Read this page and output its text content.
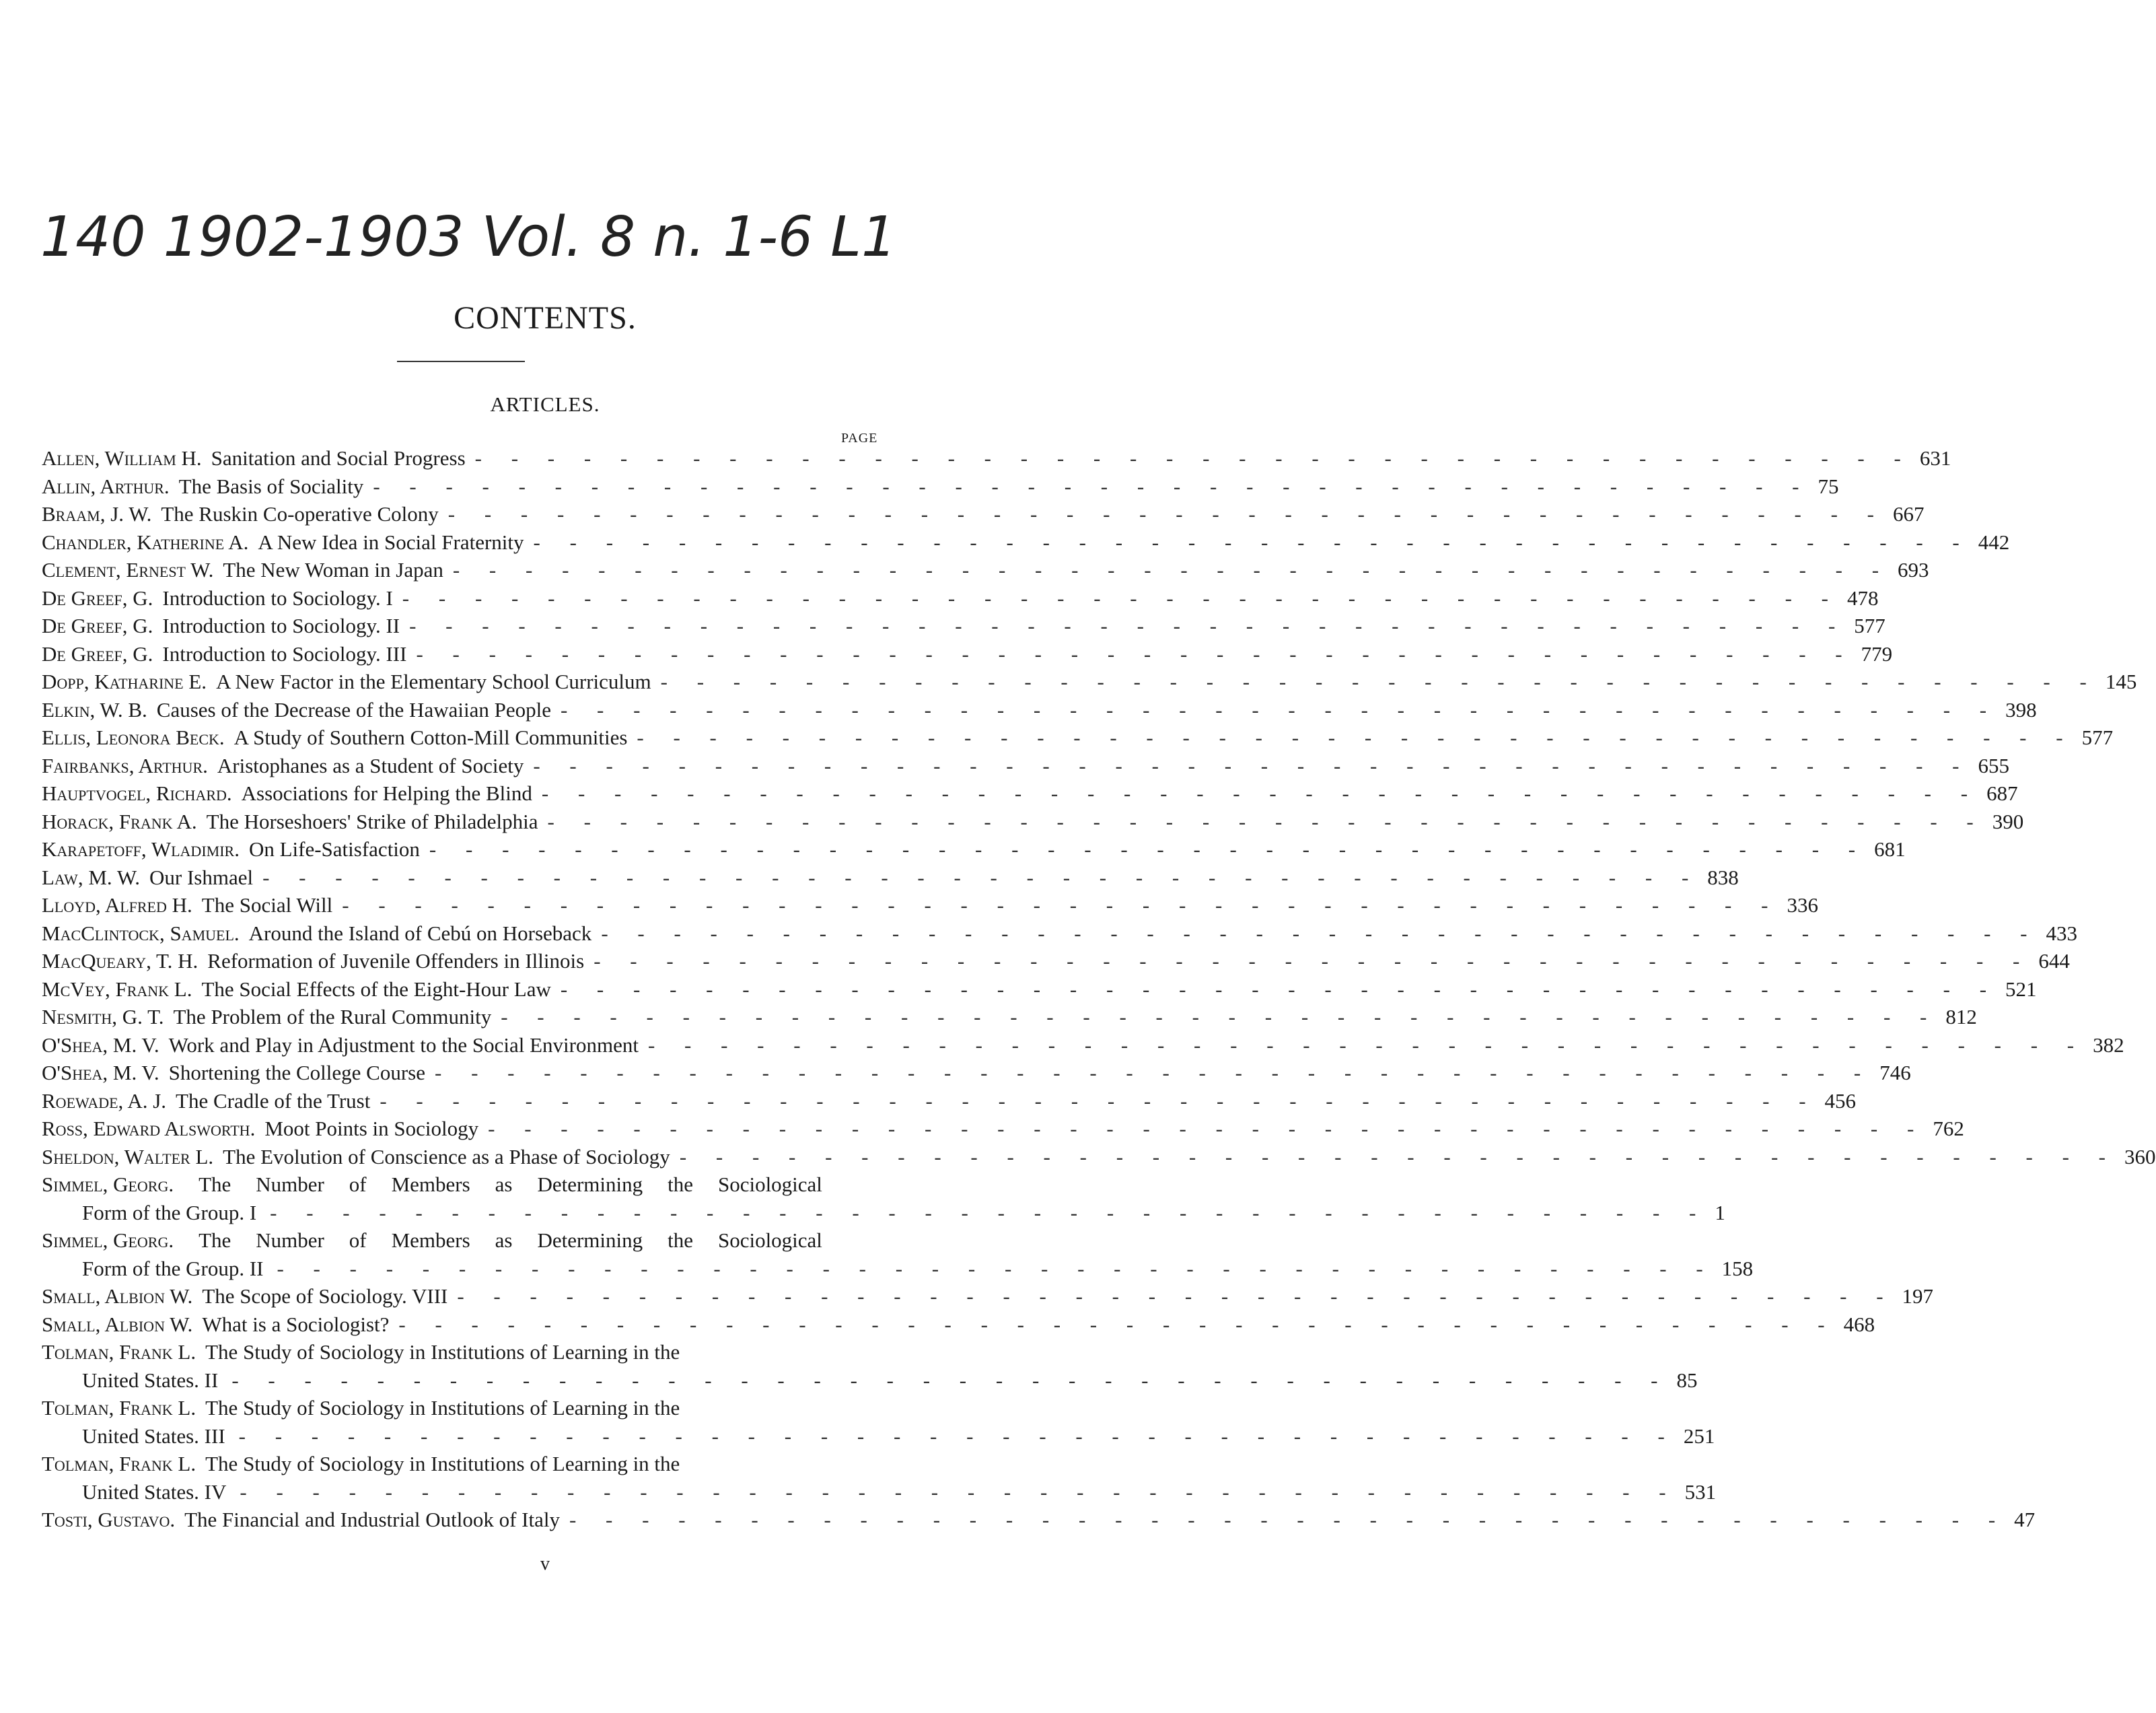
140 1902-1903 Vol. 8 n. 1-6 L1
CONTENTS.
ARTICLES.
PAGE
Allen, William H. Sanitation and Social Progress - - - - - - - - - - - - - - - - - - - - - - - - - - - - - - - - - - - - - - - - 631
Allin, Arthur. The Basis of Sociality - - - - - - - - - - - - - - - - - - - - - - - - - - - - - - - - - - - - - - - - 75
Braam, J. W. The Ruskin Co-operative Colony - - - - - - - - - - - - - - - - - - - - - - - - - - - - - - - - - - - - - - - - 667
Chandler, Katherine A. A New Idea in Social Fraternity - - - - - - - - - - - - - - - - - - - - - - - - - - - - - - - - - - - - - - - - 442
Clement, Ernest W. The New Woman in Japan - - - - - - - - - - - - - - - - - - - - - - - - - - - - - - - - - - - - - - - - 693
De Greef, G. Introduction to Sociology. I - - - - - - - - - - - - - - - - - - - - - - - - - - - - - - - - - - - - - - - - 478
De Greef, G. Introduction to Sociology. II - - - - - - - - - - - - - - - - - - - - - - - - - - - - - - - - - - - - - - - - 577
De Greef, G. Introduction to Sociology. III - - - - - - - - - - - - - - - - - - - - - - - - - - - - - - - - - - - - - - - - 779
Dopp, Katharine E. A New Factor in the Elementary School Curriculum - - - - - - - - - - - - - - - - - - - - - - - - - - - - - - - - - - - - - - - - 145
Elkin, W. B. Causes of the Decrease of the Hawaiian People - - - - - - - - - - - - - - - - - - - - - - - - - - - - - - - - - - - - - - - - 398
Ellis, Leonora Beck. A Study of Southern Cotton-Mill Communities - - - - - - - - - - - - - - - - - - - - - - - - - - - - - - - - - - - - - - - - 577
Fairbanks, Arthur. Aristophanes as a Student of Society - - - - - - - - - - - - - - - - - - - - - - - - - - - - - - - - - - - - - - - - 655
Hauptvogel, Richard. Associations for Helping the Blind - - - - - - - - - - - - - - - - - - - - - - - - - - - - - - - - - - - - - - - - 687
Horack, Frank A. The Horseshoers' Strike of Philadelphia - - - - - - - - - - - - - - - - - - - - - - - - - - - - - - - - - - - - - - - - 390
Karapetoff, Wladimir. On Life-Satisfaction - - - - - - - - - - - - - - - - - - - - - - - - - - - - - - - - - - - - - - - - 681
Law, M. W. Our Ishmael - - - - - - - - - - - - - - - - - - - - - - - - - - - - - - - - - - - - - - - - 838
Lloyd, Alfred H. The Social Will - - - - - - - - - - - - - - - - - - - - - - - - - - - - - - - - - - - - - - - - 336
MacClintock, Samuel. Around the Island of Cebú on Horseback - - - - - - - - - - - - - - - - - - - - - - - - - - - - - - - - - - - - - - - - 433
MacQueary, T. H. Reformation of Juvenile Offenders in Illinois - - - - - - - - - - - - - - - - - - - - - - - - - - - - - - - - - - - - - - - - 644
McVey, Frank L. The Social Effects of the Eight-Hour Law - - - - - - - - - - - - - - - - - - - - - - - - - - - - - - - - - - - - - - - - 521
Nesmith, G. T. The Problem of the Rural Community - - - - - - - - - - - - - - - - - - - - - - - - - - - - - - - - - - - - - - - - 812
O'Shea, M. V. Work and Play in Adjustment to the Social Environment - - - - - - - - - - - - - - - - - - - - - - - - - - - - - - - - - - - - - - - - 382
O'Shea, M. V. Shortening the College Course - - - - - - - - - - - - - - - - - - - - - - - - - - - - - - - - - - - - - - - - 746
Roewade, A. J. The Cradle of the Trust - - - - - - - - - - - - - - - - - - - - - - - - - - - - - - - - - - - - - - - - 456
Ross, Edward Alsworth. Moot Points in Sociology - - - - - - - - - - - - - - - - - - - - - - - - - - - - - - - - - - - - - - - - 762
Sheldon, Walter L. The Evolution of Conscience as a Phase of Sociology - - - - - - - - - - - - - - - - - - - - - - - - - - - - - - - - - - - - - - - - 360
Simmel, Georg. The Number of Members as Determining the Sociological
Form of the Group. I - - - - - - - - - - - - - - - - - - - - - - - - - - - - - - - - - - - - - - - - 1
Simmel, Georg. The Number of Members as Determining the Sociological
Form of the Group. II - - - - - - - - - - - - - - - - - - - - - - - - - - - - - - - - - - - - - - - - 158
Small, Albion W. The Scope of Sociology. VIII - - - - - - - - - - - - - - - - - - - - - - - - - - - - - - - - - - - - - - - - 197
Small, Albion W. What is a Sociologist? - - - - - - - - - - - - - - - - - - - - - - - - - - - - - - - - - - - - - - - - 468
Tolman, Frank L. The Study of Sociology in Institutions of Learning in the
United States. II - - - - - - - - - - - - - - - - - - - - - - - - - - - - - - - - - - - - - - - - 85
Tolman, Frank L. The Study of Sociology in Institutions of Learning in the
United States. III - - - - - - - - - - - - - - - - - - - - - - - - - - - - - - - - - - - - - - - - 251
Tolman, Frank L. The Study of Sociology in Institutions of Learning in the
United States. IV - - - - - - - - - - - - - - - - - - - - - - - - - - - - - - - - - - - - - - - - 531
Tosti, Gustavo. The Financial and Industrial Outlook of Italy - - - - - - - - - - - - - - - - - - - - - - - - - - - - - - - - - - - - - - - - 47
v
